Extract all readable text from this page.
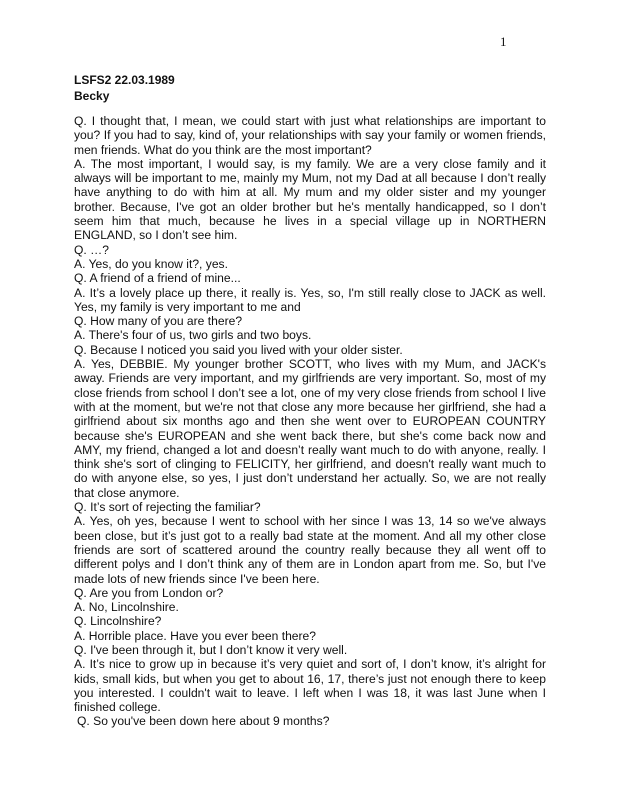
1
LSFS2 22.03.1989
Becky

Q. I thought that, I mean, we could start with just what relationships are important to you? If you had to say, kind of, your relationships with say your family or women friends, men friends. What do you think are the most important?

A. The most important, I would say, is my family. We are a very close family and it always will be important to me, mainly my Mum, not my Dad at all because I don’t really have anything to do with him at all. My mum and my older sister and my younger brother. Because, I've got an older brother but he's mentally handicapped, so I don’t seem him that much, because he lives in a special village up in NORTHERN ENGLAND, so I don’t see him.

Q. …?

A. Yes, do you know it?, yes.

Q. A friend of a friend of mine...

A. It’s a lovely place up there, it really is. Yes, so, I'm still really close to JACK as well. Yes, my family is very important to me and

Q. How many of you are there?

A. There's four of us, two girls and two boys.

Q. Because I noticed you said you lived with your older sister.

A. Yes, DEBBIE. My younger brother SCOTT, who lives with my Mum, and JACK's away. Friends are very important, and my girlfriends are very important. So, most of my close friends from school I don’t see a lot, one of my very close friends from school I live with at the moment, but we're not that close any more because her girlfriend, she had a girlfriend about six months ago and then she went over to EUROPEAN COUNTRY because she's EUROPEAN and she went back there, but she's come back now and AMY, my friend, changed a lot and doesn’t really want much to do with anyone, really. I think she's sort of clinging to FELICITY, her girlfriend, and doesn't really want much to do with anyone else, so yes, I just don’t understand her actually. So, we are not really that close anymore.

Q. It’s sort of rejecting the familiar?

A. Yes, oh yes, because I went to school with her since I was 13, 14 so we've always been close, but it’s just got to a really bad state at the moment. And all my other close friends are sort of scattered around the country really because they all went off to different polys and I don’t think any of them are in London apart from me. So, but I've made lots of new friends since I've been here.

Q. Are you from London or?

A. No, Lincolnshire.

Q. Lincolnshire?

A. Horrible place. Have you ever been there?

Q. I've been through it, but I don’t know it very well.

A. It’s nice to grow up in because it’s very quiet and sort of, I don’t know, it’s alright for kids, small kids, but when you get to about 16, 17, there’s just not enough there to keep you interested. I couldn't wait to leave. I left when I was 18, it was last June when I finished college.

Q. So you've been down here about 9 months?
